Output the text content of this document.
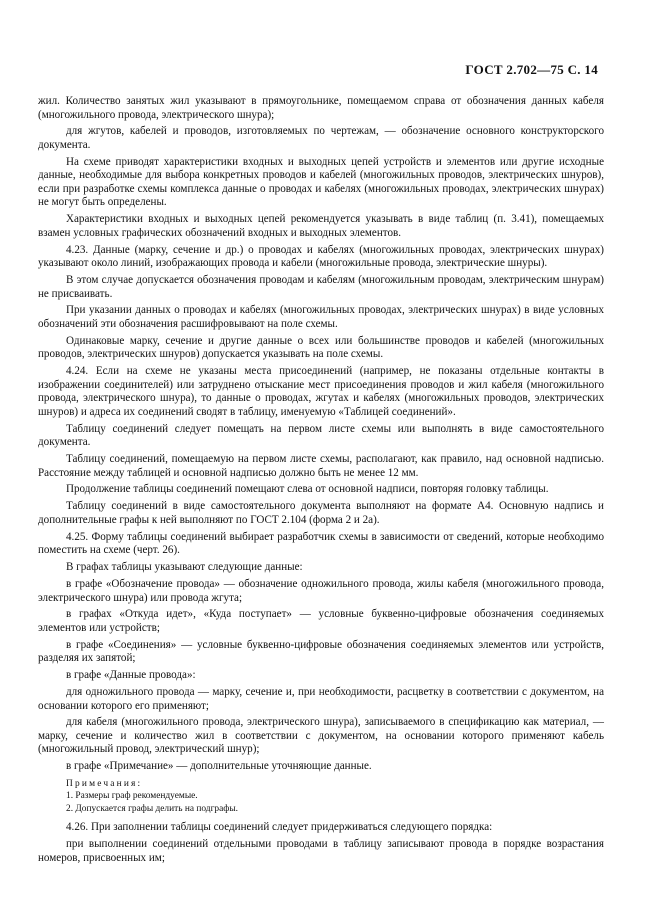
ГОСТ 2.702—75 С. 14

жил. Количество занятых жил указывают в прямоугольнике, помещаемом справа от обозначения данных кабеля (многожильного провода, электрического шнура);

для жгутов, кабелей и проводов, изготовляемых по чертежам, — обозначение основного конструкторского документа.

На схеме приводят характеристики входных и выходных цепей устройств и элементов или другие исходные данные, необходимые для выбора конкретных проводов и кабелей (многожильных проводов, электрических шнуров), если при разработке схемы комплекса данные о проводах и кабелях (многожильных проводах, электрических шнурах) не могут быть определены.

Характеристики входных и выходных цепей рекомендуется указывать в виде таблиц (п. 3.41), помещаемых взамен условных графических обозначений входных и выходных элементов.

4.23. Данные (марку, сечение и др.) о проводах и кабелях (многожильных проводах, электрических шнурах) указывают около линий, изображающих провода и кабели (многожильные провода, электрические шнуры).

В этом случае допускается обозначения проводам и кабелям (многожильным проводам, электрическим шнурам) не присваивать.

При указании данных о проводах и кабелях (многожильных проводах, электрических шнурах) в виде условных обозначений эти обозначения расшифровывают на поле схемы.

Одинаковые марку, сечение и другие данные о всех или большинстве проводов и кабелей (многожильных проводов, электрических шнуров) допускается указывать на поле схемы.

4.24. Если на схеме не указаны места присоединений (например, не показаны отдельные контакты в изображении соединителей) или затруднено отыскание мест присоединения проводов и жил кабеля (многожильного провода, электрического шнура), то данные о проводах, жгутах и кабелях (многожильных проводов, электрических шнуров) и адреса их соединений сводят в таблицу, именуемую «Таблицей соединений».

Таблицу соединений следует помещать на первом листе схемы или выполнять в виде самостоятельного документа.

Таблицу соединений, помещаемую на первом листе схемы, располагают, как правило, над основной надписью. Расстояние между таблицей и основной надписью должно быть не менее 12 мм.

Продолжение таблицы соединений помещают слева от основной надписи, повторяя головку таблицы.

Таблицу соединений в виде самостоятельного документа выполняют на формате А4. Основную надпись и дополнительные графы к ней выполняют по ГОСТ 2.104 (форма 2 и 2а).

4.25. Форму таблицы соединений выбирает разработчик схемы в зависимости от сведений, которые необходимо поместить на схеме (черт. 26).

В графах таблицы указывают следующие данные:

в графе «Обозначение провода» — обозначение одножильного провода, жилы кабеля (многожильного провода, электрического шнура) или провода жгута;

в графах «Откуда идет», «Куда поступает» — условные буквенно-цифровые обозначения соединяемых элементов или устройств;

в графе «Соединения» — условные буквенно-цифровые обозначения соединяемых элементов или устройств, разделяя их запятой;

в графе «Данные провода»:

для одножильного провода — марку, сечение и, при необходимости, расцветку в соответствии с документом, на основании которого его применяют;

для кабеля (многожильного провода, электрического шнура), записываемого в спецификацию как материал, — марку, сечение и количество жил в соответствии с документом, на основании которого применяют кабель (многожильный провод, электрический шнур);

в графе «Примечание» — дополнительные уточняющие данные.

Примечания:

1. Размеры граф рекомендуемые.

2. Допускается графы делить на подграфы.

4.26. При заполнении таблицы соединений следует придерживаться следующего порядка:

при выполнении соединений отдельными проводами в таблицу записывают провода в порядке возрастания номеров, присвоенных им;
